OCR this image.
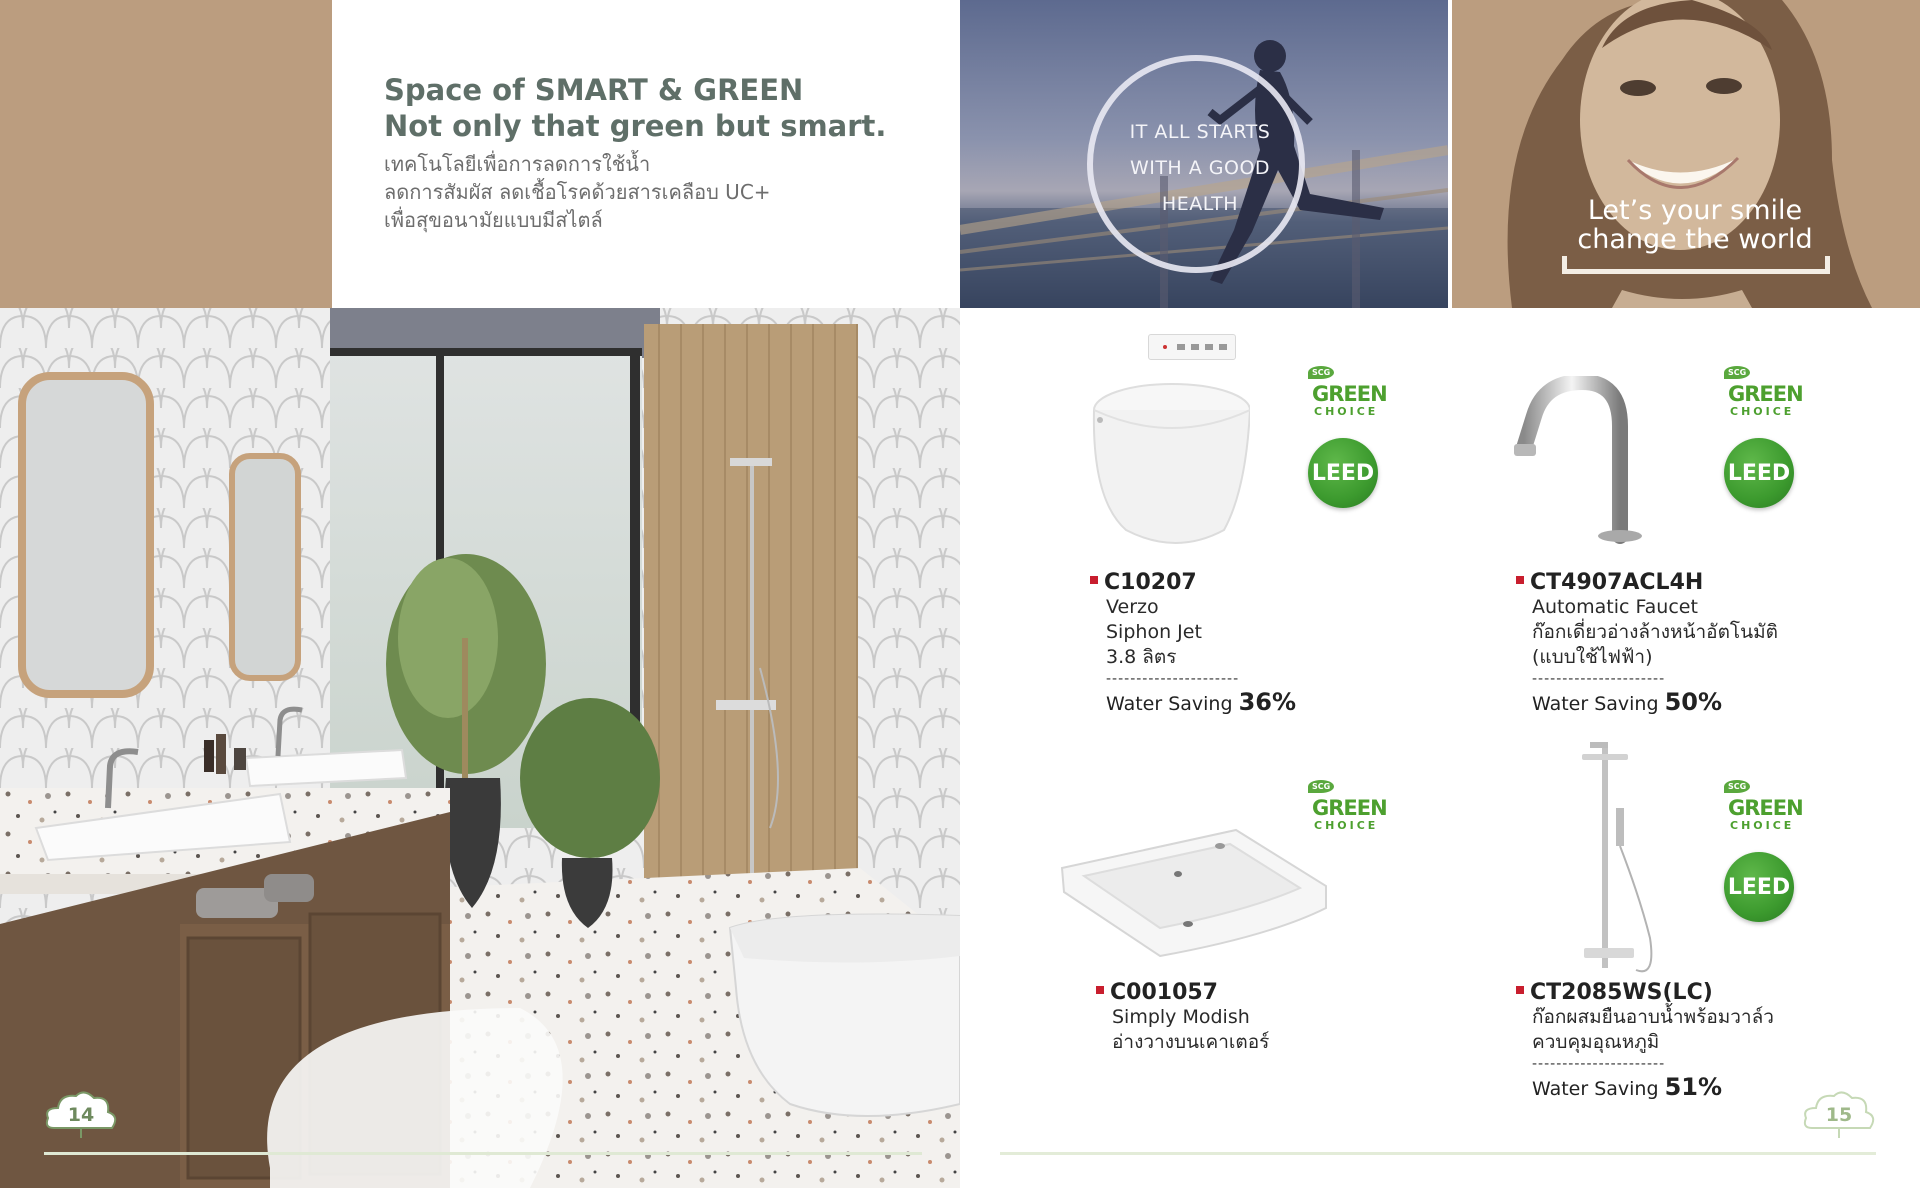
Space of SMART & GREEN
Not only that green but smart.
เทคโนโลยีเพื่อการลดการใช้น้ำ
ลดการสัมผัส ลดเชื้อโรคด้วยสารเคลือบ UC+
เพื่อสุขอนามัยแบบมีสไตล์
14
IT ALL STARTS
WITH A GOOD
HEALTH	Let’s your smile
change the world
SCG
GREEN
CHOICE
LEED
C10207
Verzo
Siphon Jet
3.8 ลิตร
----------------------
Water Saving 36%
SCG
GREEN
CHOICE
LEED
CT4907ACL4H
Automatic Faucet
ก๊อกเดี่ยวอ่างล้างหน้าอัตโนมัติ
(แบบใช้ไฟฟ้า)
----------------------
Water Saving 50%
SCG
GREEN
CHOICE
C001057
Simply Modish
อ่างวางบนเคาเตอร์
SCG
GREEN
CHOICE
LEED
CT2085WS(LC)
ก๊อกผสมยืนอาบน้ำพร้อมวาล์ว
ควบคุมอุณหภูมิ
----------------------
Water Saving 51%
15
